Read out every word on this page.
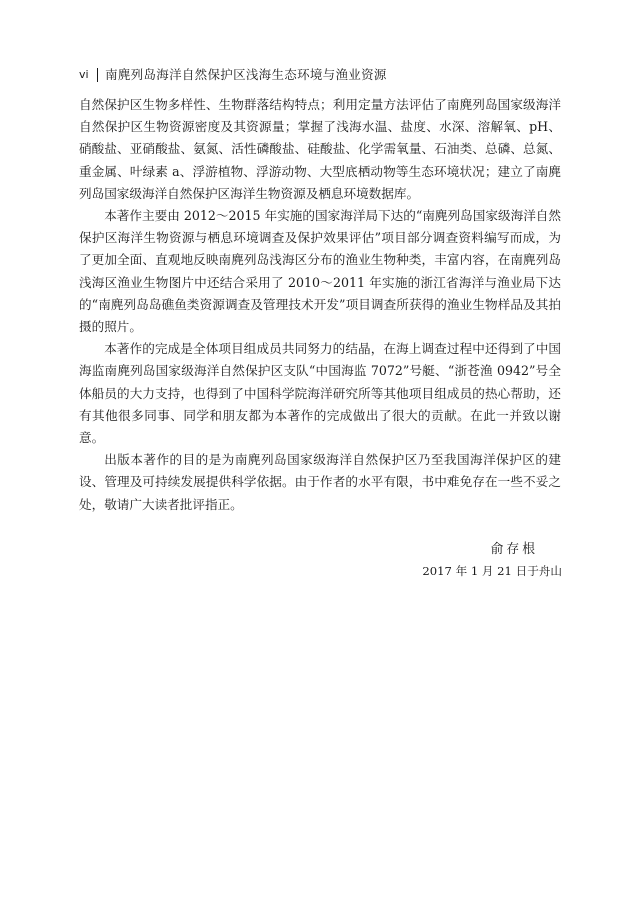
vi 南麂列岛海洋自然保护区浅海生态环境与渔业资源

自然保护区生物多样性、生物群落结构特点；利用定量方法评估了南麂列岛国家级海洋自然保护区生物资源密度及其资源量；掌握了浅海水温、盐度、水深、溶解氧、pH、硝酸盐、亚硝酸盐、氨氮、活性磷酸盐、硅酸盐、化学需氧量、石油类、总磷、总氮、重金属、叶绿素 a、浮游植物、浮游动物、大型底栖动物等生态环境状况；建立了南麂列岛国家级海洋自然保护区海洋生物资源及栖息环境数据库。

本著作主要由 2012～2015 年实施的国家海洋局下达的“南麂列岛国家级海洋自然保护区海洋生物资源与栖息环境调查及保护效果评估”项目部分调查资料编写而成，为了更加全面、直观地反映南麂列岛浅海区分布的渔业生物种类，丰富内容，在南麂列岛浅海区渔业生物图片中还结合采用了 2010～2011 年实施的浙江省海洋与渔业局下达的“南麂列岛岛礁鱼类资源调查及管理技术开发”项目调查所获得的渔业生物样品及其拍摄的照片。

本著作的完成是全体项目组成员共同努力的结晶，在海上调查过程中还得到了中国海监南麂列岛国家级海洋自然保护区支队“中国海监 7072”号艇、“浙苍渔 0942”号全体船员的大力支持，也得到了中国科学院海洋研究所等其他项目组成员的热心帮助，还有其他很多同事、同学和朋友都为本著作的完成做出了很大的贡献。在此一并致以谢意。

出版本著作的目的是为南麂列岛国家级海洋自然保护区乃至我国海洋保护区的建设、管理及可持续发展提供科学依据。由于作者的水平有限，书中难免存在一些不妥之处，敬请广大读者批评指正。

俞存根
2017 年 1 月 21 日于舟山
